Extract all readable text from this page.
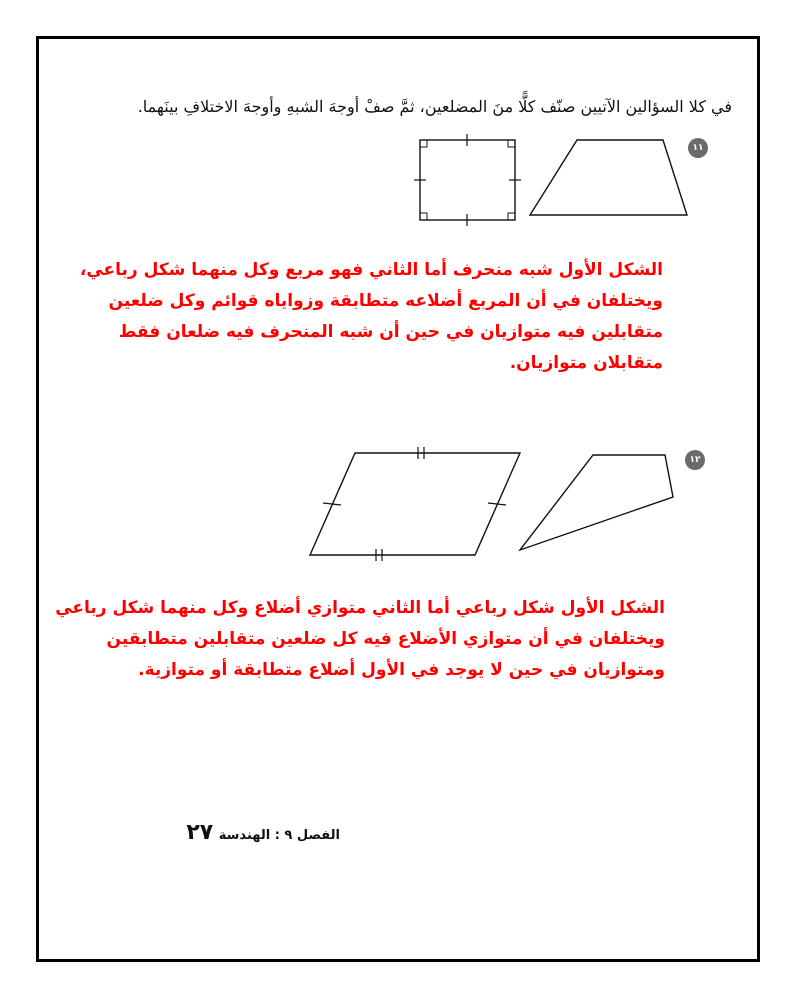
في كلا السؤالين الآتيين صنّف كلًّا منَ المضلعين، ثمَّ صفْ أوجهَ الشبهِ وأوجهَ الاختلافِ بينَهما.
١١

الشكل الأول شبه منحرف أما الثاني فهو مربع وكل منهما شكل رباعي،

ويختلفان في أن المربع أضلاعه متطابقة وزواياه قوائم وكل ضلعين

متقابلين فيه متوازيان في حين أن شبه المنحرف فيه ضلعان فقط

متقابلان متوازيان.

١٢

الشكل الأول شكل رباعي أما الثاني متوازي أضلاع وكل منهما شكل رباعي

ويختلفان في أن متوازي الأضلاع فيه كل ضلعين متقابلين متطابقين

ومتوازيان في حين لا يوجد في الأول أضلاع متطابقة أو متوازية.

الفصل ٩ : الهندسة ٢٧
